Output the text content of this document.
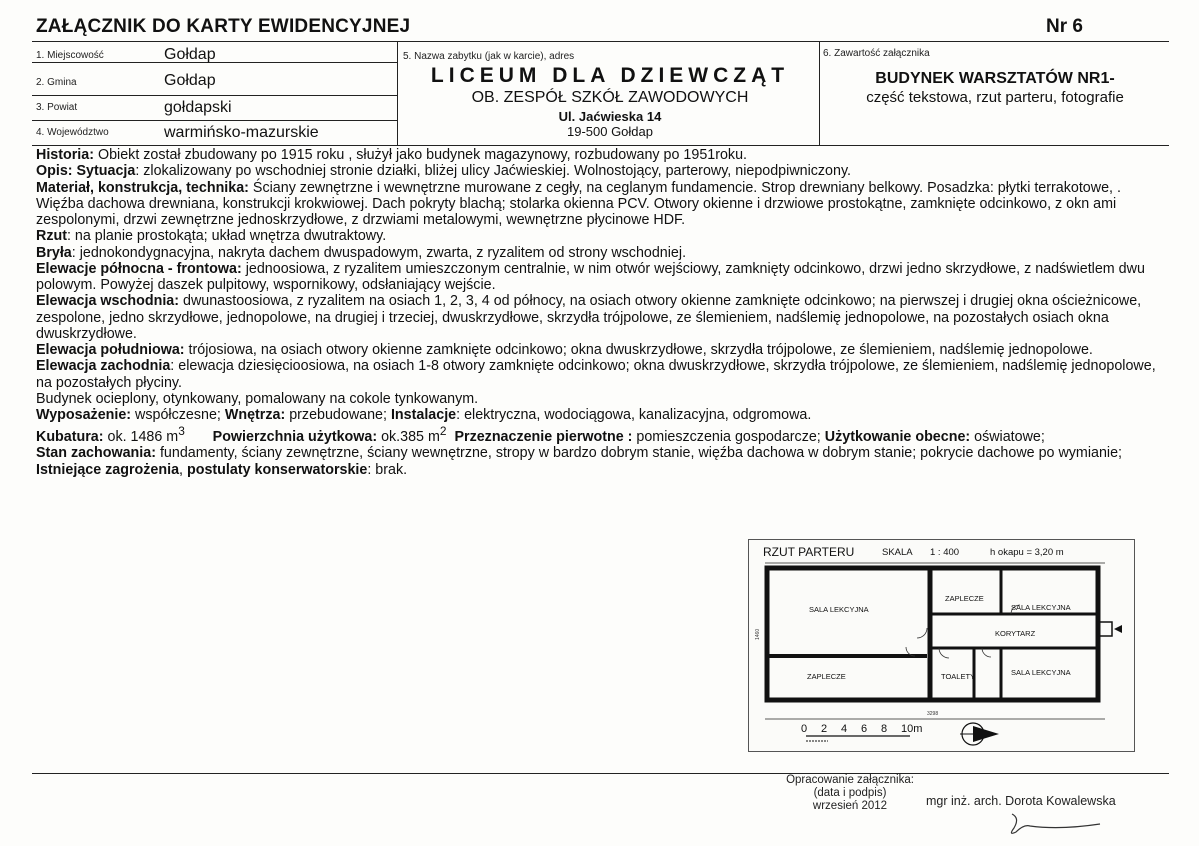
ZAŁĄCZNIK DO KARTY EWIDENCYJNEJ	Nr 6
1. Miejscowość	Gołdap
2. Gmina	Gołdap
3. Powiat	gołdapski
4. Województwo	warmińsko-mazurskie
5. Nazwa zabytku (jak w karcie), adres
LICEUM DLA DZIEWCZĄT
OB. ZESPÓŁ SZKÓŁ ZAWODOWYCH
Ul. Jaćwieska 14
19-500 Gołdap
6. Zawartość załącznika
BUDYNEK WARSZTATÓW NR1-
część tekstowa, rzut parteru, fotografie

Historia: Obiekt został zbudowany po 1915 roku , służył jako budynek magazynowy, rozbudowany po 1951roku.

Opis: Sytuacja: zlokalizowany po wschodniej stronie działki, bliżej ulicy Jaćwieskiej. Wolnostojący, parterowy, niepodpiwniczony.

Materiał, konstrukcja, technika: Ściany zewnętrzne i wewnętrzne murowane z cegły, na ceglanym fundamencie. Strop drewniany belkowy. Posadzka: płytki terrakotowe, . Więźba dachowa drewniana, konstrukcji krokwiowej. Dach pokryty blachą; stolarka okienna PCV. Otwory okienne i drzwiowe prostokątne, zamknięte odcinkowo, z okn ami zespolonymi, drzwi zewnętrzne jednoskrzydłowe, z drzwiami metalowymi, wewnętrzne płycinowe HDF.

Rzut: na planie prostokąta; układ wnętrza dwutraktowy.

Bryła: jednokondygnacyjna, nakryta dachem dwuspadowym, zwarta, z ryzalitem od strony wschodniej.

Elewacje północna - frontowa: jednoosiowa, z ryzalitem umieszczonym centralnie, w nim otwór wejściowy, zamknięty odcinkowo, drzwi jedno skrzydłowe, z nadświetlem dwu polowym. Powyżej daszek pulpitowy, wspornikowy, odsłaniający wejście.

Elewacja wschodnia: dwunastoosiowa, z ryzalitem na osiach 1, 2, 3, 4 od północy, na osiach otwory okienne zamknięte odcinkowo; na pierwszej i drugiej okna ościeżnicowe, zespolone, jedno skrzydłowe, jednopolowe, na drugiej i trzeciej, dwuskrzydłowe, skrzydła trójpolowe, ze ślemieniem, nadślemię jednopolowe, na pozostałych osiach okna dwuskrzydłowe.

Elewacja południowa: trójosiowa, na osiach otwory okienne zamknięte odcinkowo; okna dwuskrzydłowe, skrzydła trójpolowe, ze ślemieniem, nadślemię jednopolowe.

Elewacja zachodnia: elewacja dziesięcioosiowa, na osiach 1-8 otwory zamknięte odcinkowo; okna dwuskrzydłowe, skrzydła trójpolowe, ze ślemieniem, nadślemię jednopolowe, na pozostałych płyciny.

Budynek ocieplony, otynkowany, pomalowany na cokole tynkowanym.

Wyposażenie: współczesne; Wnętrza: przebudowane; Instalacje: elektryczna, wodociągowa, kanalizacyjna, odgromowa.

Kubatura: ok. 1486 $m^3$ Powierzchnia użytkowa: ok.385 $m^2$ Przeznaczenie pierwotne : pomieszczenia gospodarcze; Użytkowanie obecne: oświatowe;

Stan zachowania: fundamenty, ściany zewnętrzne, ściany wewnętrzne, stropy w bardzo dobrym stanie, więźba dachowa w dobrym stanie; pokrycie dachowe po wymianie; Istniejące zagrożenia, postulaty konserwatorskie: brak.

RZUT PARTERU	SKALA 1 : 400	h okapu = 3,20 m
SALA LEKCYJNA
ZAPLECZE
ZAPLECZE
SALA LEKCYJNA
KORYTARZ
TOALETY	SALA LEKCYJNA
3298
1460
0 2 4 6 8 10m
Opracowanie załącznika:
(data i podpis)
wrzesień 2012	mgr inż. arch. Dorota Kowalewska
